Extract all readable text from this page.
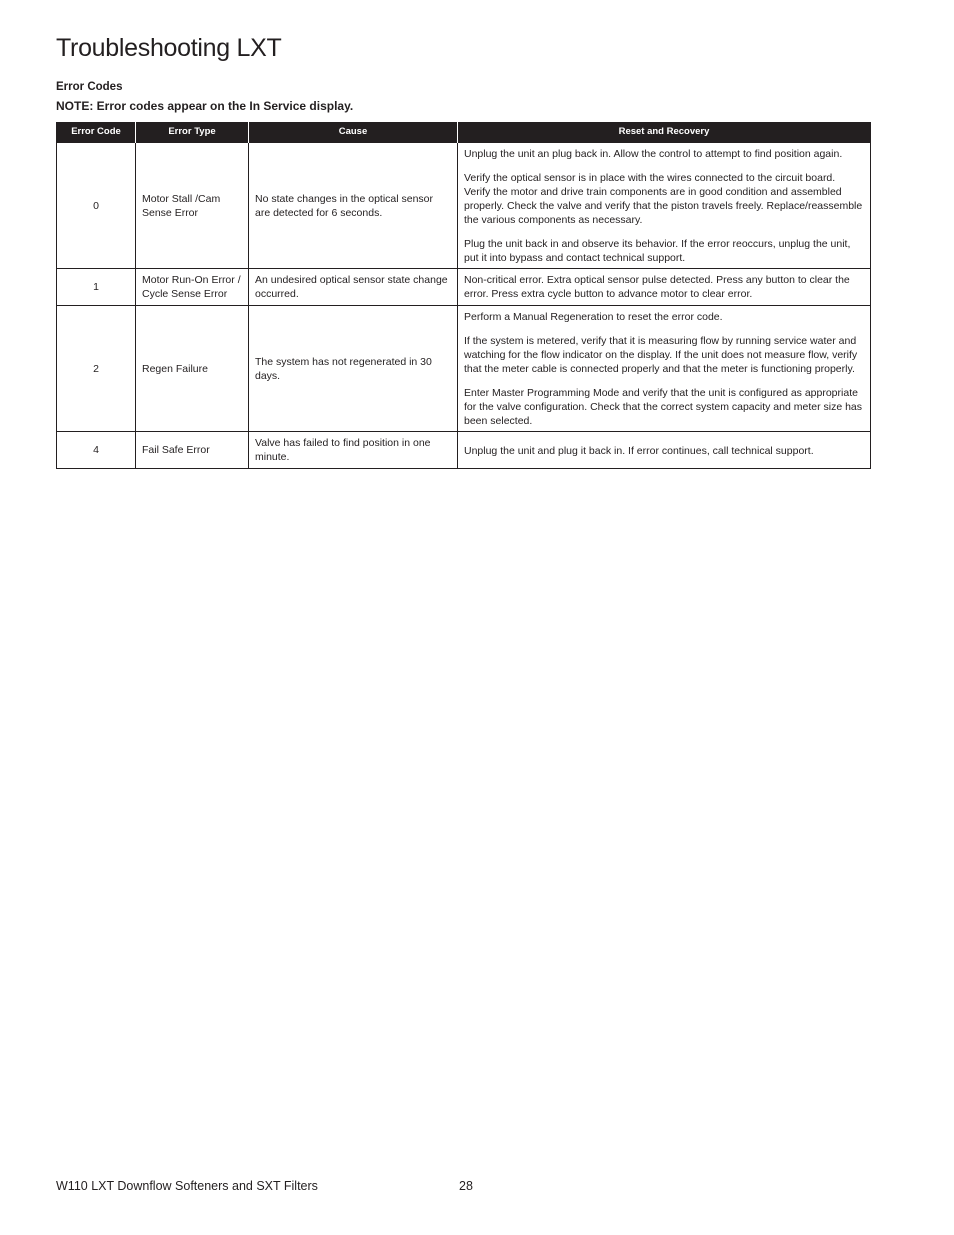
Troubleshooting LXT

Error Codes

NOTE: Error codes appear on the In Service display.

Error Code	Error Type	Cause	Reset and Recovery
0	Motor Stall /Cam Sense Error	No state changes in the optical sensor are detected for 6 seconds.	Unplug the unit an plug back in. Allow the control to attempt to find position again.

Verify the optical sensor is in place with the wires connected to the circuit board. Verify the motor and drive train components are in good condition and assembled properly. Check the valve and verify that the piston travels freely. Replace/reassemble the various components as necessary.

Plug the unit back in and observe its behavior. If the error reoccurs, unplug the unit, put it into bypass and contact technical support.

1	Motor Run-On Error / Cycle Sense Error	An undesired optical sensor state change occurred.	Non-critical error. Extra optical sensor pulse detected. Press any button to clear the error. Press extra cycle button to advance motor to clear error.

2	Regen Failure	The system has not regenerated in 30 days.	Perform a Manual Regeneration to reset the error code.

If the system is metered, verify that it is measuring flow by running service water and watching for the flow indicator on the display. If the unit does not measure flow, verify that the meter cable is connected properly and that the meter is functioning properly.

Enter Master Programming Mode and verify that the unit is configured as appropriate for the valve configuration. Check that the correct system capacity and meter size has been selected.

4	Fail Safe Error	Valve has failed to find position in one minute.	Unplug the unit and plug it back in. If error continues, call technical support.

W110 LXT Downflow Softeners and SXT Filters	28
